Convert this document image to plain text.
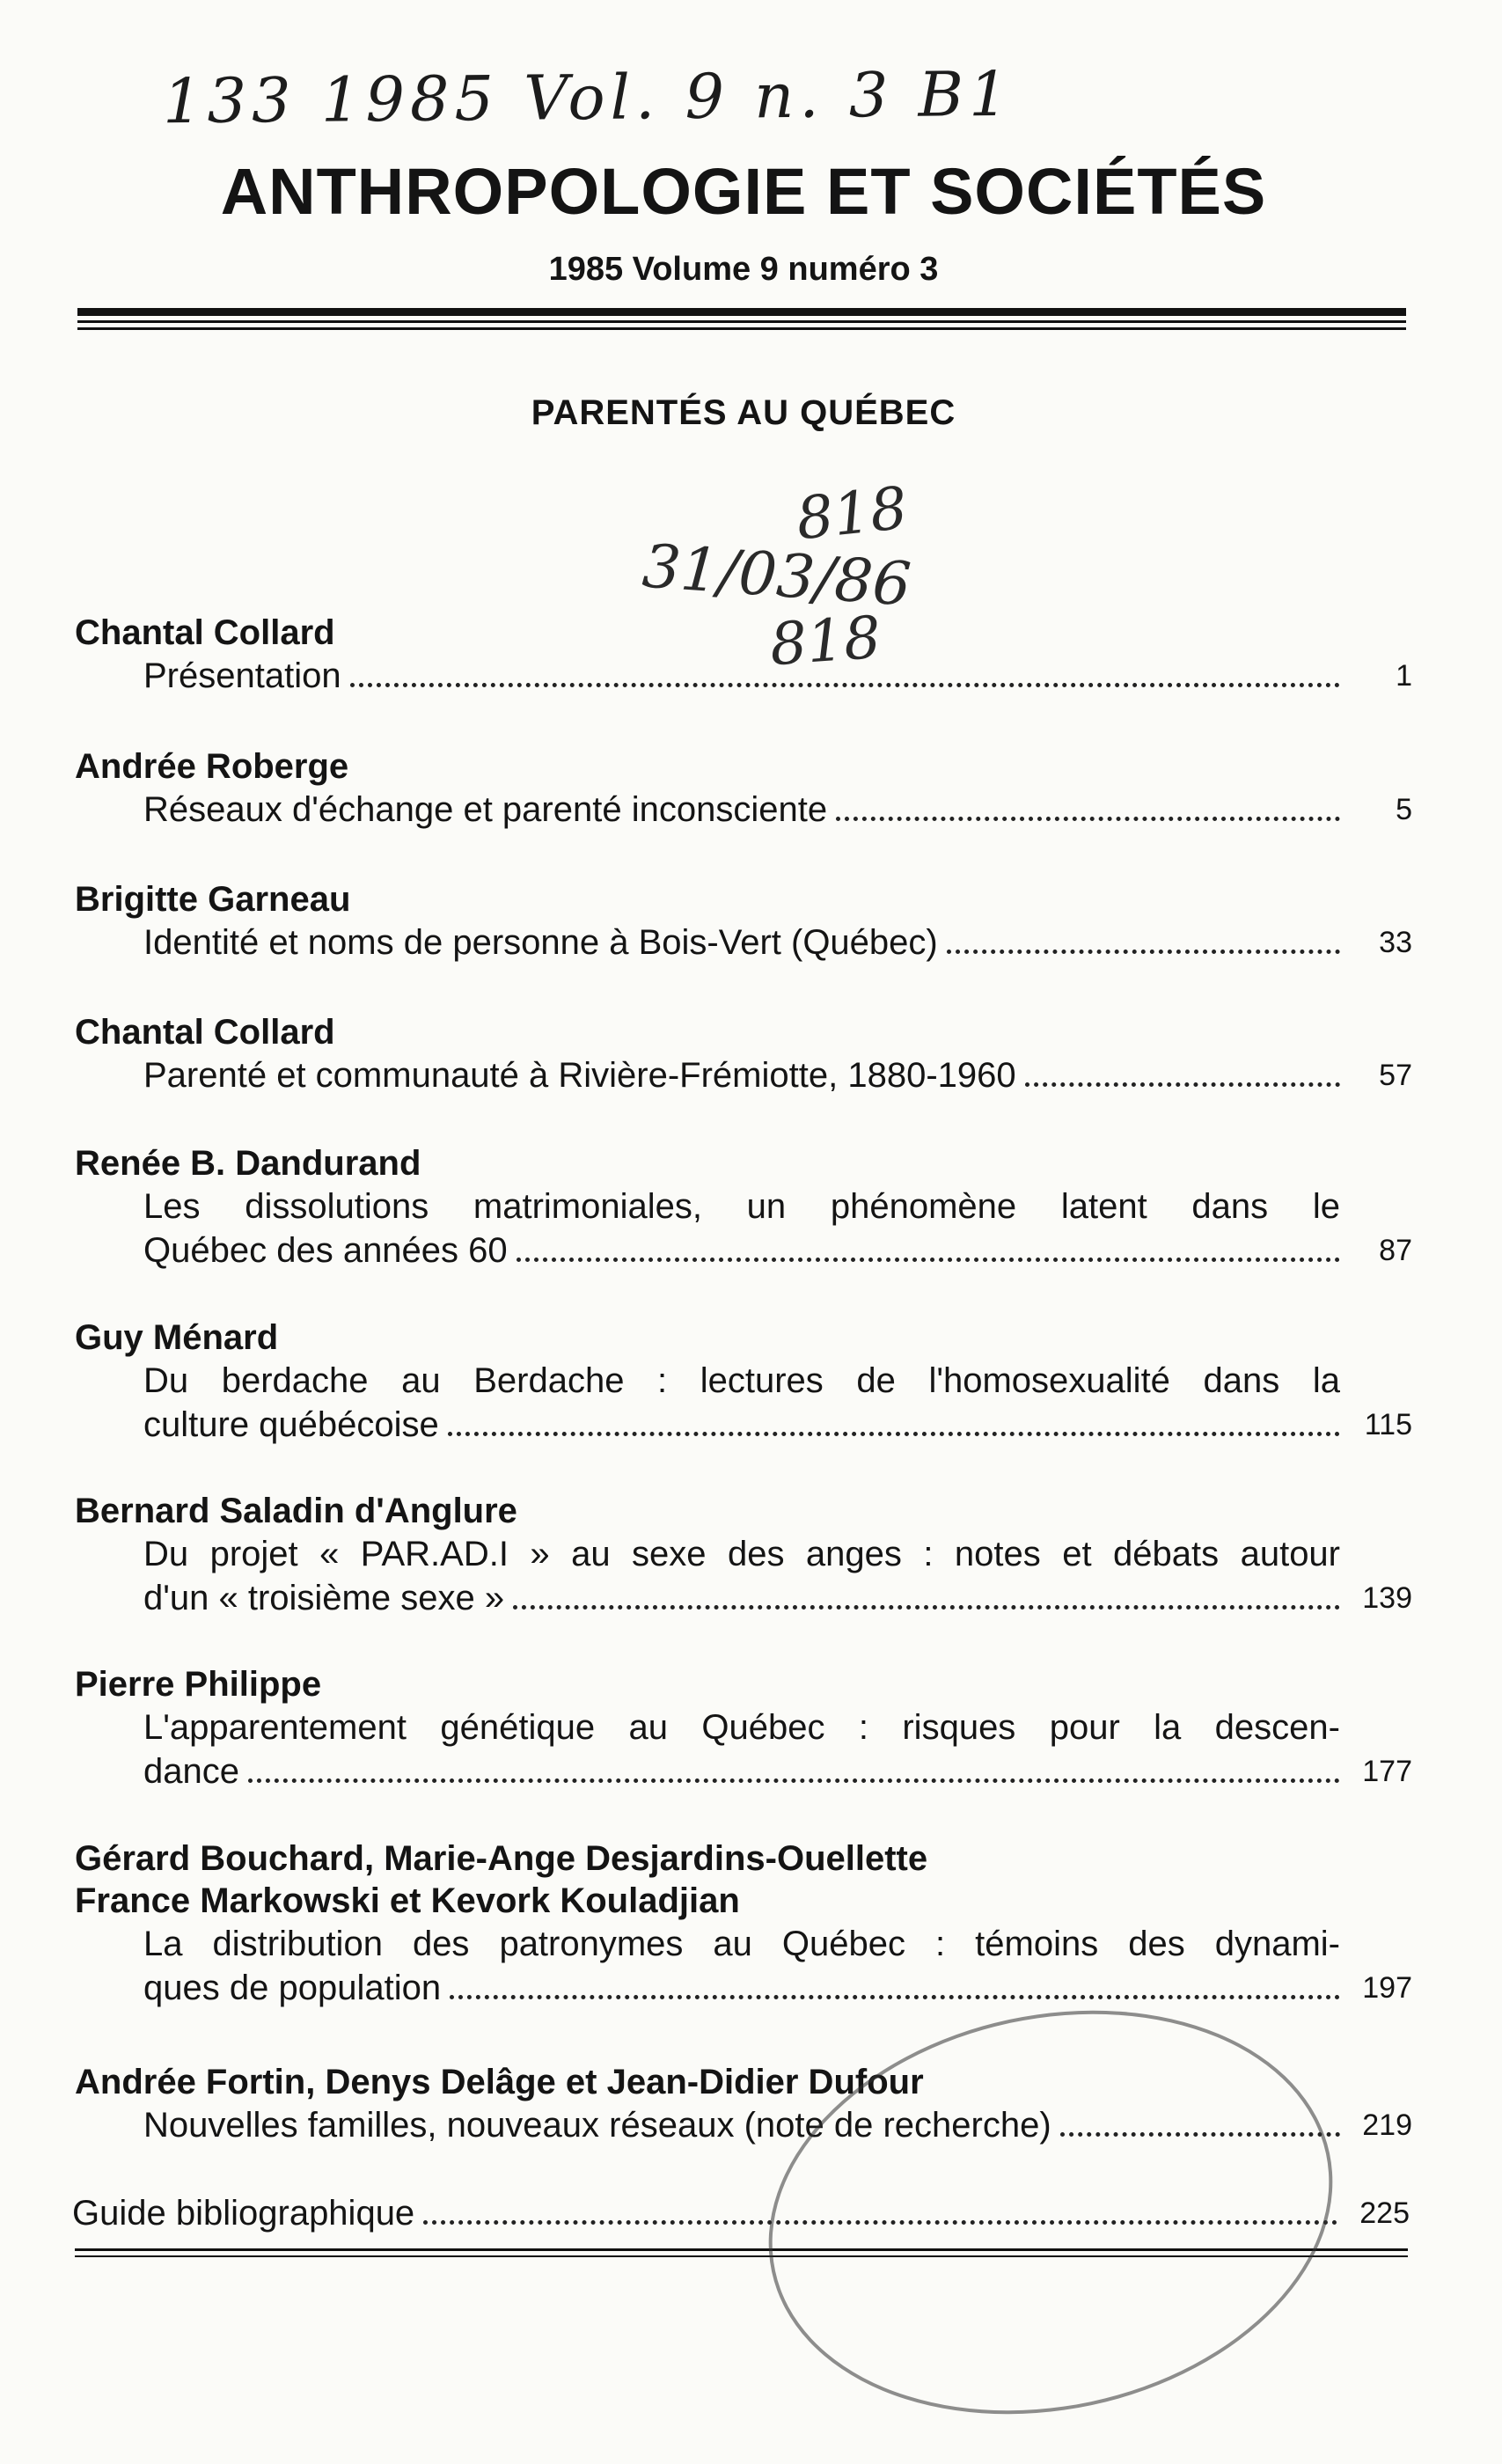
133 1985 Vol. 9 n. 3 B1
ANTHROPOLOGIE ET SOCIÉTÉS
1985 Volume 9 numéro 3
PARENTÉS AU QUÉBEC
818
31/03/86
818
Chantal Collard
Présentation	1
Andrée Roberge
Réseaux d'échange et parenté inconsciente	5
Brigitte Garneau
Identité et noms de personne à Bois-Vert (Québec)	33
Chantal Collard
Parenté et communauté à Rivière-Frémiotte, 1880-1960	57
Renée B. Dandurand
Les dissolutions matrimoniales, un phénomène latent dans le
Québec des années 60	87
Guy Ménard
Du berdache au Berdache : lectures de l'homosexualité dans la
culture québécoise	115
Bernard Saladin d'Anglure
Du projet « PAR.AD.I » au sexe des anges : notes et débats autour
d'un « troisième sexe »	139
Pierre Philippe
L'apparentement génétique au Québec : risques pour la descen-
dance	177
Gérard Bouchard, Marie-Ange Desjardins-Ouellette
France Markowski et Kevork Kouladjian
La distribution des patronymes au Québec : témoins des dynami-
ques de population	197
Andrée Fortin, Denys Delâge et Jean-Didier Dufour
Nouvelles familles, nouveaux réseaux (note de recherche)	219
Guide bibliographique	225
